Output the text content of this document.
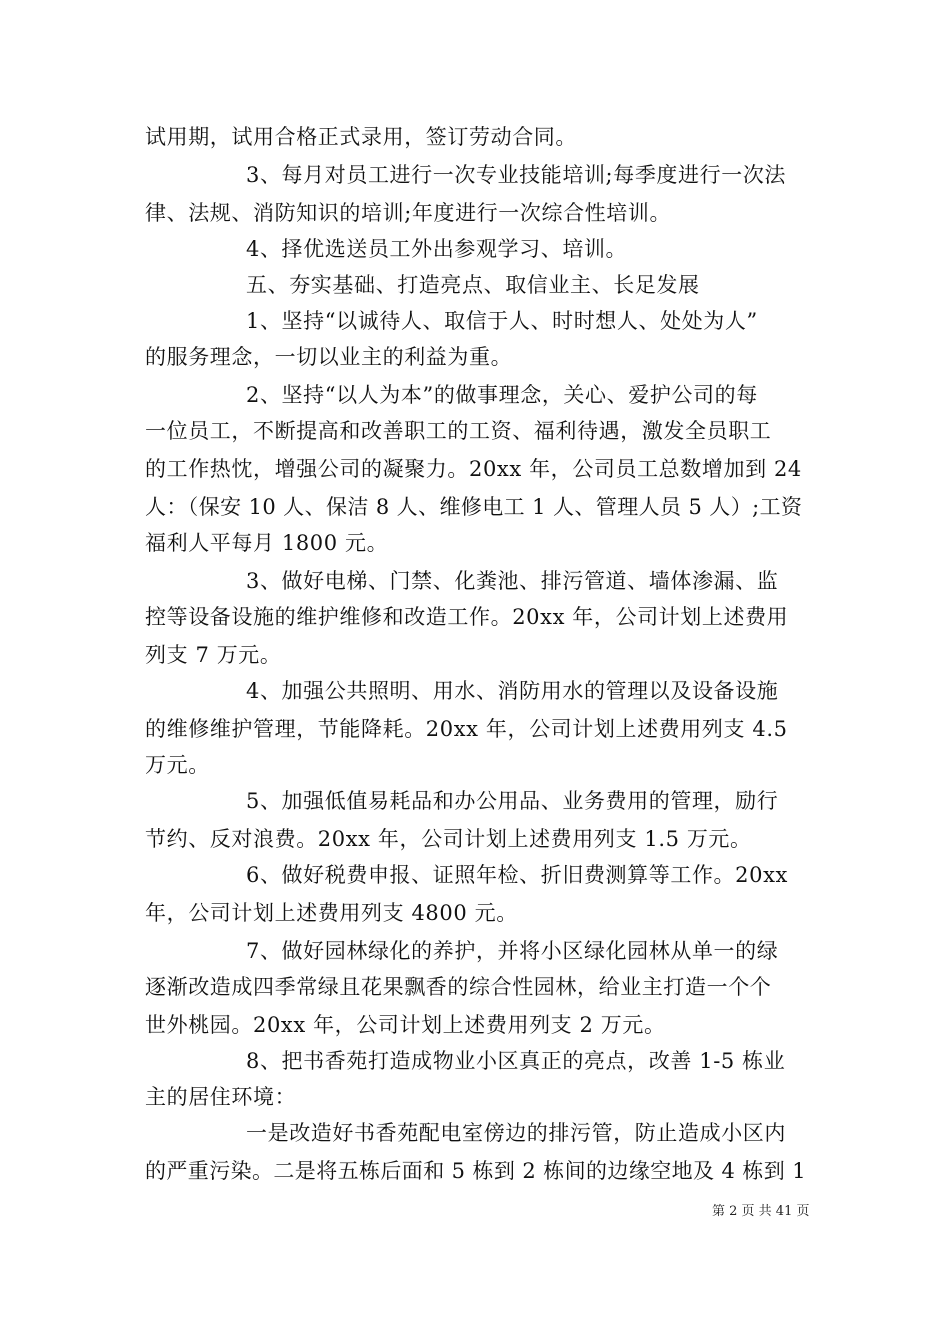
试用期，试用合格正式录用，签订劳动合同。
3、每月对员工进行一次专业技能培训;每季度进行一次法
律、法规、消防知识的培训;年度进行一次综合性培训。
4、择优选送员工外出参观学习、培训。
五、夯实基础、打造亮点、取信业主、长足发展
1、坚持“以诚待人、取信于人、时时想人、处处为人”
的服务理念，一切以业主的利益为重。
2、坚持“以人为本”的做事理念，关心、爱护公司的每
一位员工，不断提高和改善职工的工资、福利待遇，激发全员职工
的工作热忱，增强公司的凝聚力。20xx 年，公司员工总数增加到 24
人：（保安 10 人、保洁 8 人、维修电工 1 人、管理人员 5 人）;工资
福利人平每月 1800 元。
3、做好电梯、门禁、化粪池、排污管道、墙体渗漏、监
控等设备设施的维护维修和改造工作。20xx 年，公司计划上述费用
列支 7 万元。
4、加强公共照明、用水、消防用水的管理以及设备设施
的维修维护管理，节能降耗。20xx 年，公司计划上述费用列支 4.5
万元。
5、加强低值易耗品和办公用品、业务费用的管理，励行
节约、反对浪费。20xx 年，公司计划上述费用列支 1.5 万元。
6、做好税费申报、证照年检、折旧费测算等工作。20xx
年，公司计划上述费用列支 4800 元。
7、做好园林绿化的养护，并将小区绿化园林从单一的绿
逐渐改造成四季常绿且花果飘香的综合性园林，给业主打造一个个
世外桃园。20xx 年，公司计划上述费用列支 2 万元。
8、把书香苑打造成物业小区真正的亮点，改善 1-5 栋业
主的居住环境：
一是改造好书香苑配电室傍边的排污管，防止造成小区内
的严重污染。二是将五栋后面和 5 栋到 2 栋间的边缘空地及 4 栋到 1
第 2 页 共 41 页
